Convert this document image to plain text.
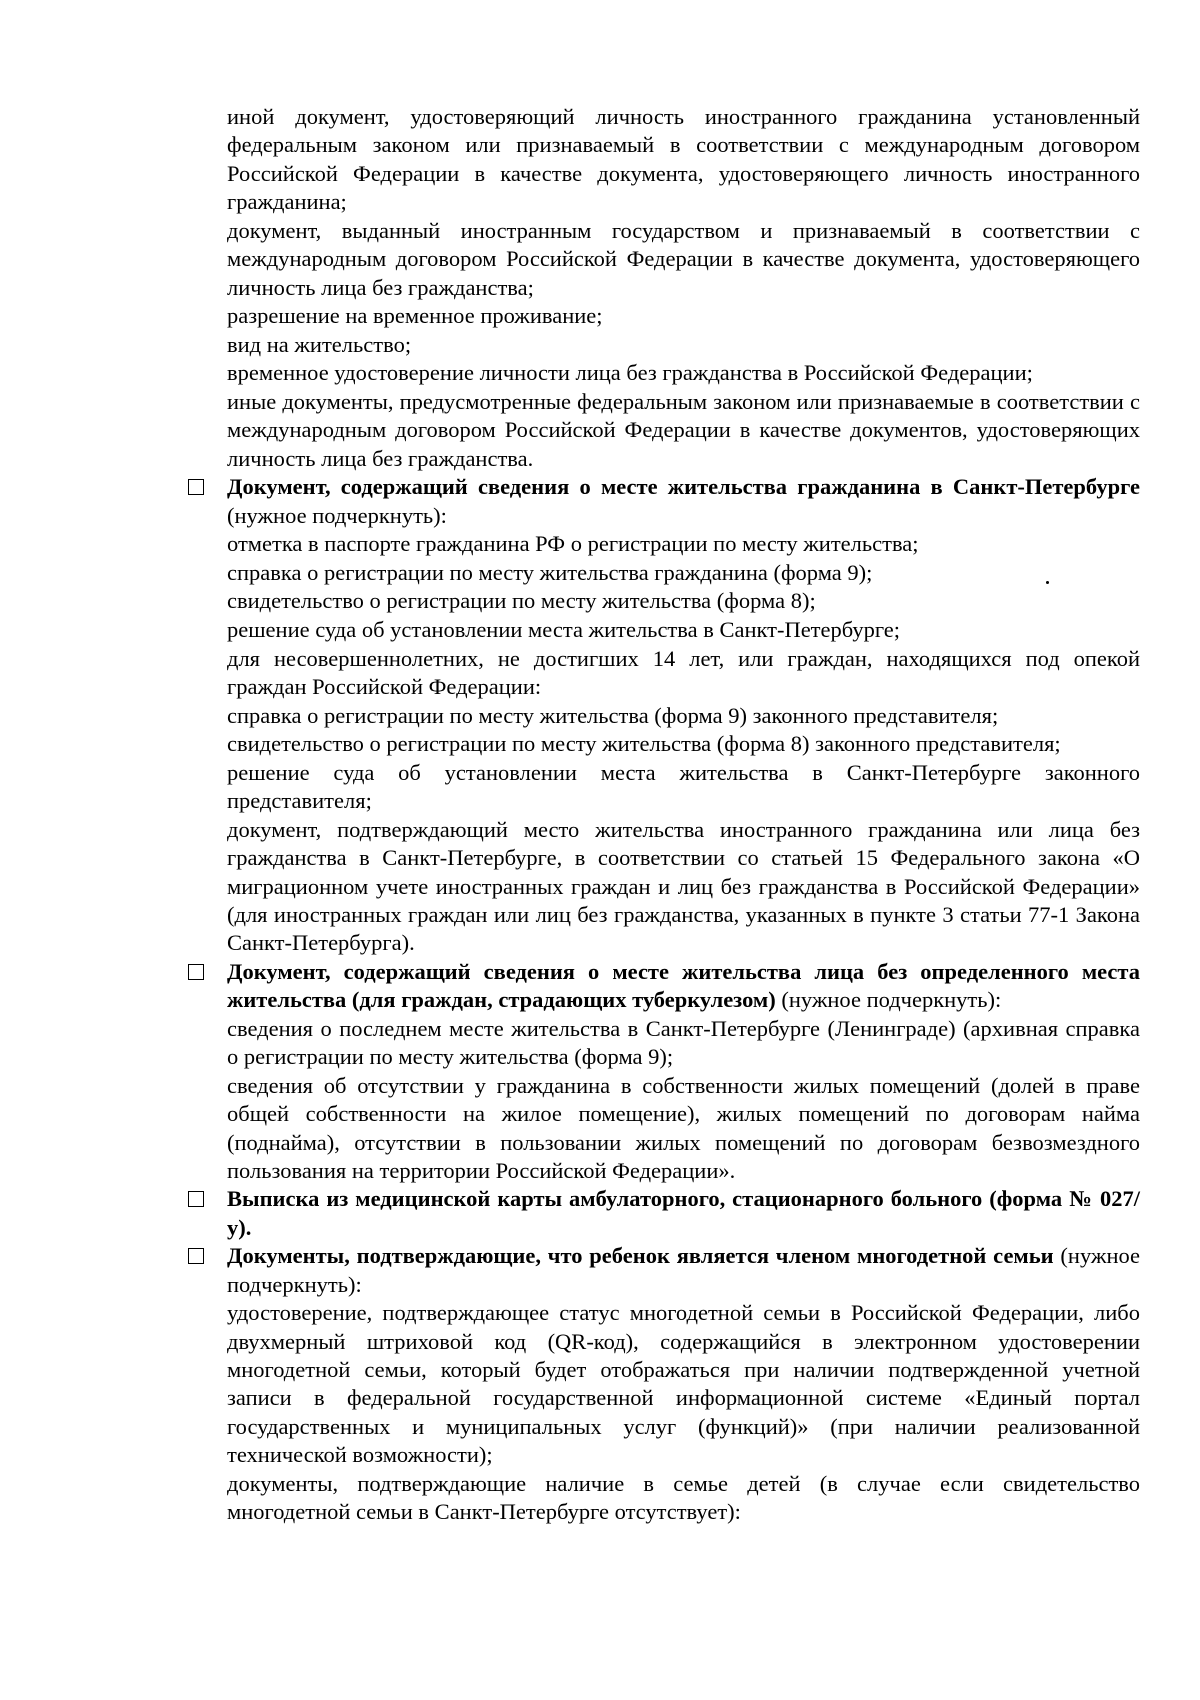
иной документ, удостоверяющий личность иностранного гражданина установленный федеральным законом или признаваемый в соответствии с международным договором Российской Федерации в качестве документа, удостоверяющего личность иностранного гражданина;

документ, выданный иностранным государством и признаваемый в соответствии с международным договором Российской Федерации в качестве документа, удостоверяющего личность лица без гражданства;

разрешение на временное проживание;

вид на жительство;

временное удостоверение личности лица без гражданства в Российской Федерации;

иные документы, предусмотренные федеральным законом или признаваемые в соответствии с международным договором Российской Федерации в качестве документов, удостоверяющих личность лица без гражданства.

Документ, содержащий сведения о месте жительства гражданина в Санкт-Петербурге (нужное подчеркнуть):

отметка в паспорте гражданина РФ о регистрации по месту жительства;

справка о регистрации по месту жительства гражданина (форма 9);

свидетельство о регистрации по месту жительства (форма 8);

решение суда об установлении места жительства в Санкт-Петербурге;

для несовершеннолетних, не достигших 14 лет, или граждан, находящихся под опекой граждан Российской Федерации:

справка о регистрации по месту жительства (форма 9) законного представителя;

свидетельство о регистрации по месту жительства (форма 8) законного представителя;

решение суда об установлении места жительства в Санкт-Петербурге законного представителя;

документ, подтверждающий место жительства иностранного гражданина или лица без гражданства в Санкт-Петербурге, в соответствии со статьей 15 Федерального закона «О миграционном учете иностранных граждан и лиц без гражданства в Российской Федерации» (для иностранных граждан или лиц без гражданства, указанных в пункте 3 статьи 77-1 Закона Санкт-Петербурга).

Документ, содержащий сведения о месте жительства лица без определенного места жительства (для граждан, страдающих туберкулезом) (нужное подчеркнуть):

сведения о последнем месте жительства в Санкт-Петербурге (Ленинграде) (архивная справка о регистрации по месту жительства (форма 9);

сведения об отсутствии у гражданина в собственности жилых помещений (долей в праве общей собственности на жилое помещение), жилых помещений по договорам найма (поднайма), отсутствии в пользовании жилых помещений по договорам безвозмездного пользования на территории Российской Федерации».

Выписка из медицинской карты амбулаторного, стационарного больного (форма № 027/у).

Документы, подтверждающие, что ребенок является членом многодетной семьи (нужное подчеркнуть):

удостоверение, подтверждающее статус многодетной семьи в Российской Федерации, либо двухмерный штриховой код (QR-код), содержащийся в электронном удостоверении многодетной семьи, который будет отображаться при наличии подтвержденной учетной записи в федеральной государственной информационной системе «Единый портал государственных и муниципальных услуг (функций)» (при наличии реализованной технической возможности);

документы, подтверждающие наличие в семье детей (в случае если свидетельство многодетной семьи в Санкт-Петербурге отсутствует):
